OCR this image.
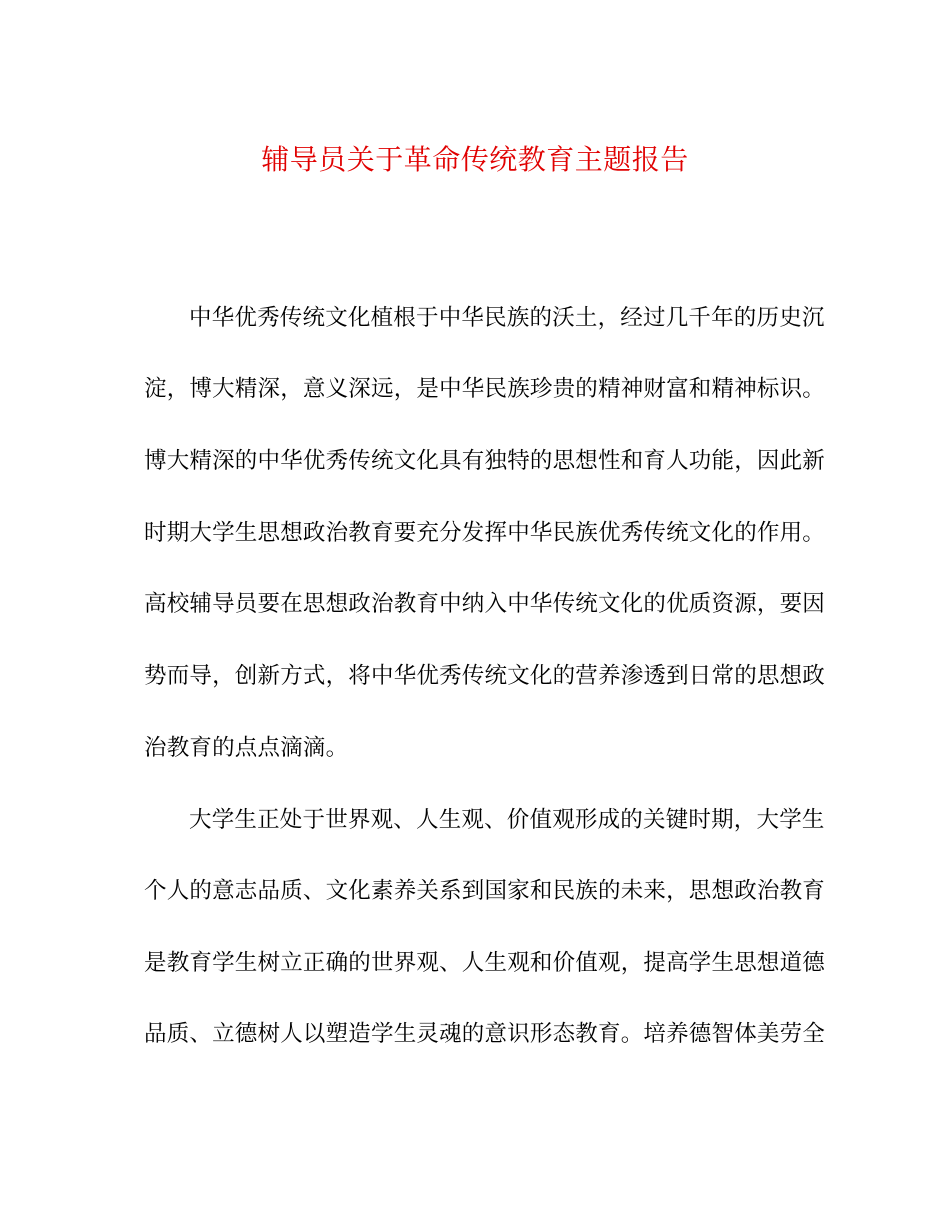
辅导员关于革命传统教育主题报告
中华优秀传统文化植根于中华民族的沃土，经过几千年的历史沉
淀，博大精深，意义深远，是中华民族珍贵的精神财富和精神标识。
博大精深的中华优秀传统文化具有独特的思想性和育人功能，因此新
时期大学生思想政治教育要充分发挥中华民族优秀传统文化的作用。
高校辅导员要在思想政治教育中纳入中华传统文化的优质资源，要因
势而导，创新方式，将中华优秀传统文化的营养渗透到日常的思想政
治教育的点点滴滴。
大学生正处于世界观、人生观、价值观形成的关键时期，大学生
个人的意志品质、文化素养关系到国家和民族的未来，思想政治教育
是教育学生树立正确的世界观、人生观和价值观，提高学生思想道德
品质、立德树人以塑造学生灵魂的意识形态教育。培养德智体美劳全
